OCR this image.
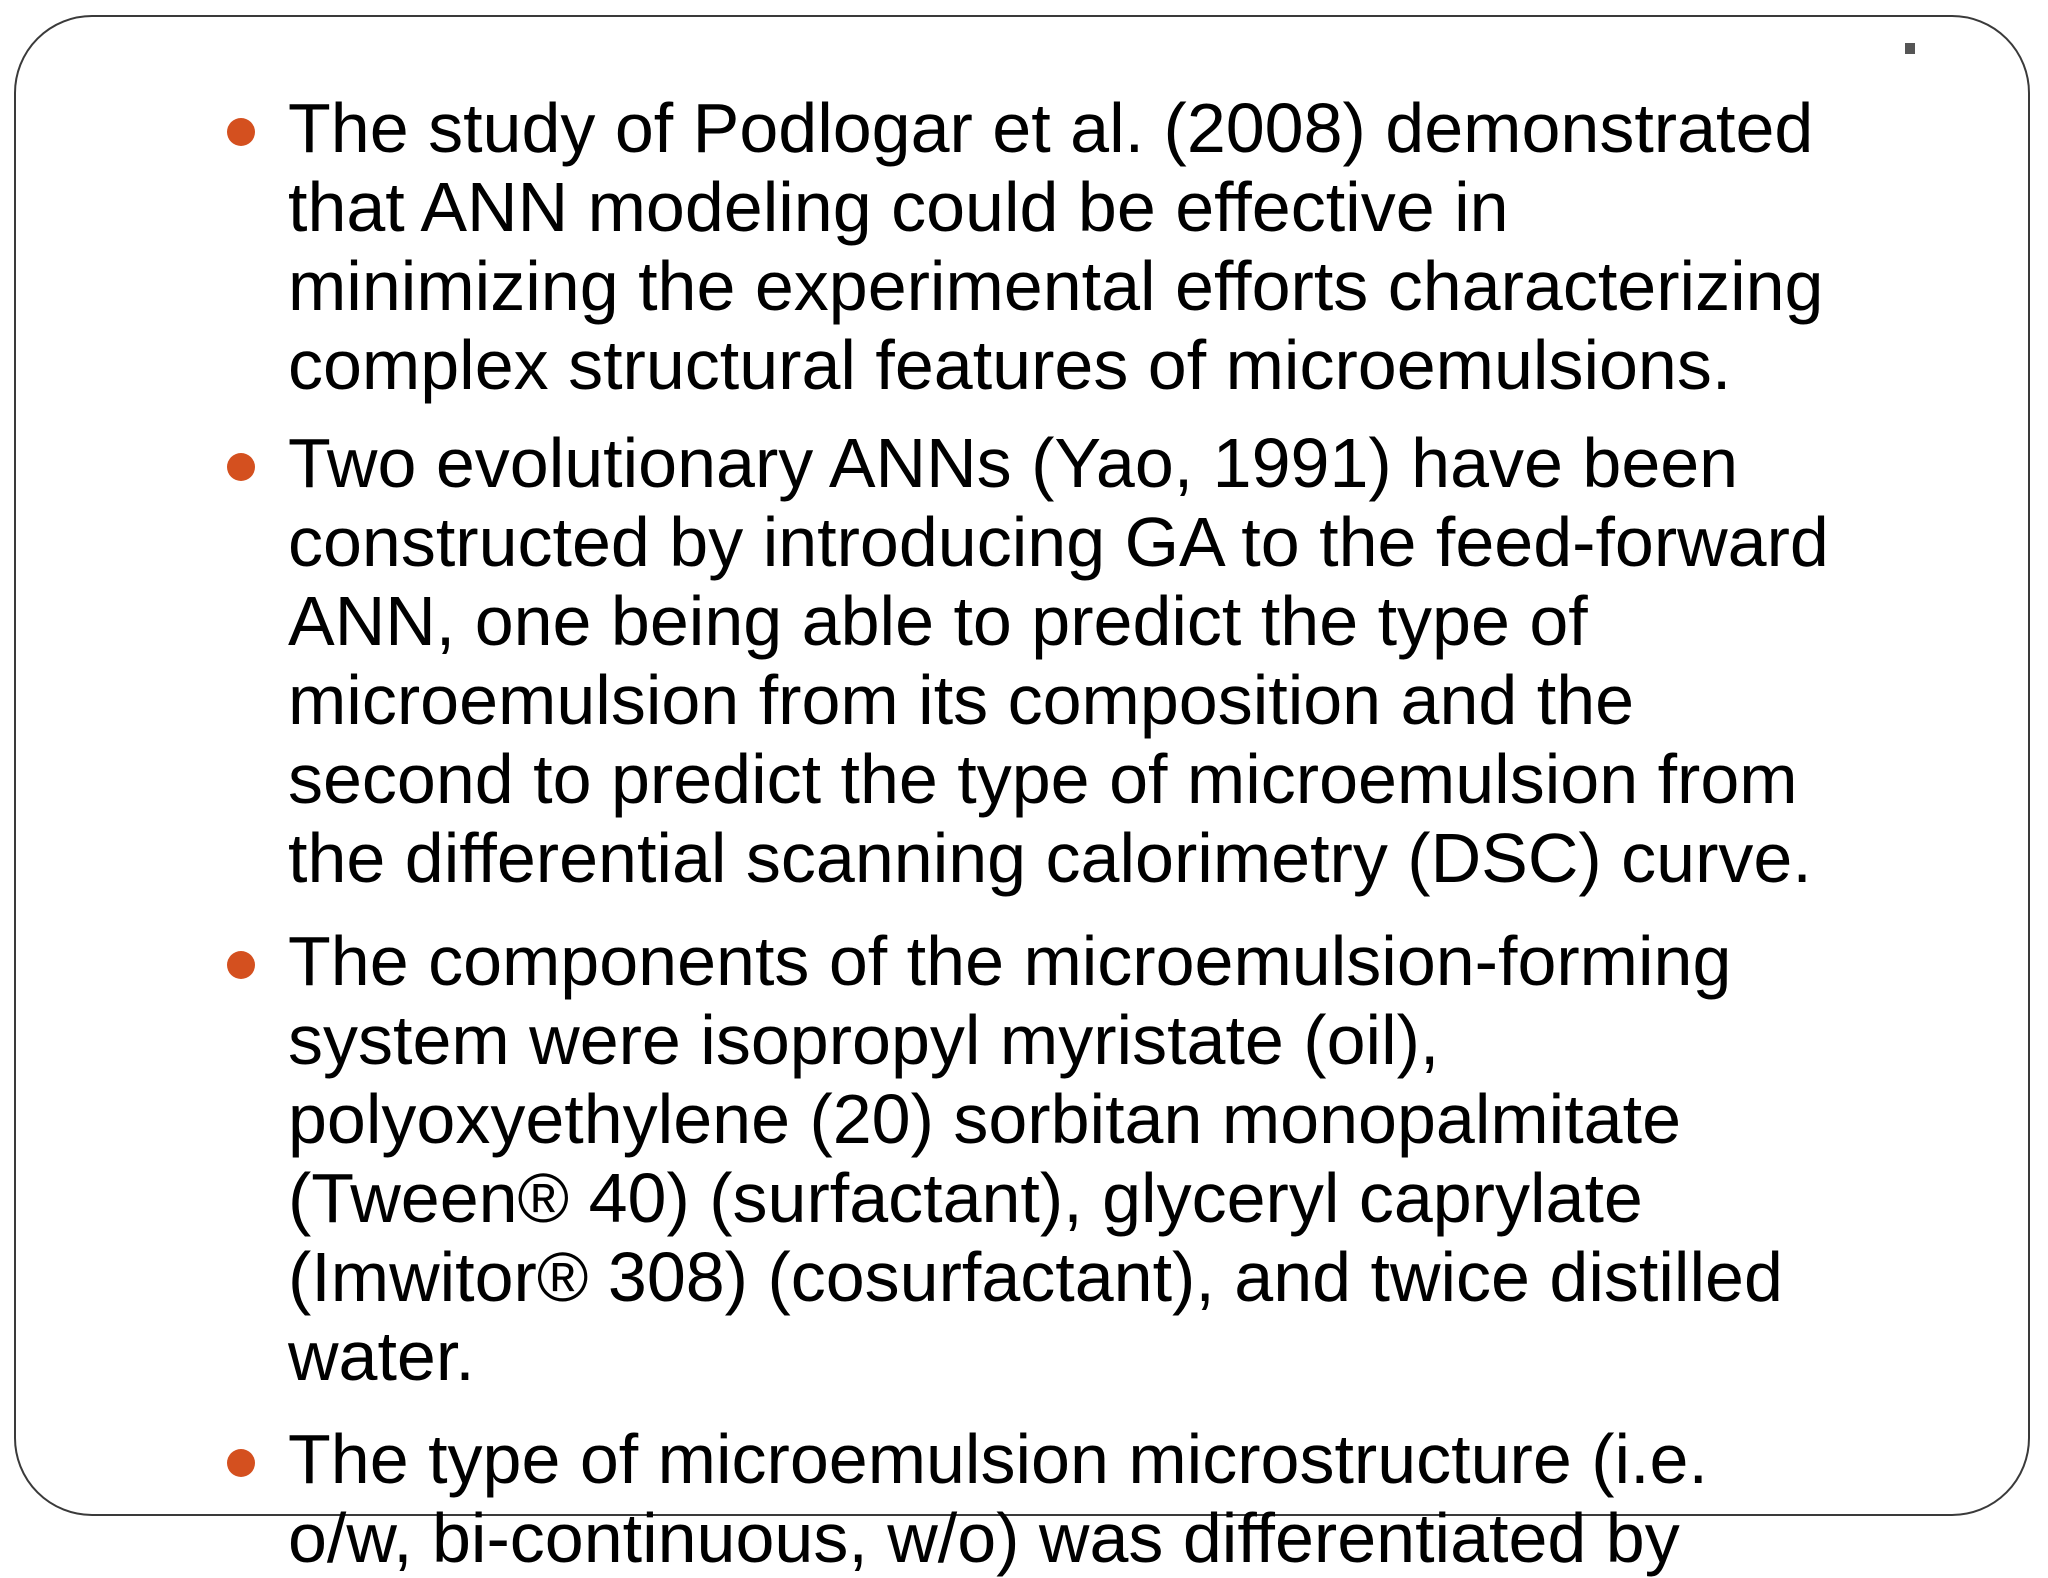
The study of Podlogar et al. (2008) demonstrated

that ANN modeling could be effective in

minimizing the experimental efforts characterizing

complex structural features of microemulsions.

Two evolutionary ANNs (Yao, 1991) have been

constructed by introducing GA to the feed-forward

ANN, one being able to predict the type of

microemulsion from its composition and the

second to predict the type of microemulsion from

the differential scanning calorimetry (DSC) curve.

The components of the microemulsion-forming

system were isopropyl myristate (oil),

polyoxyethylene (20) sorbitan monopalmitate

(Tween® 40) (surfactant), glyceryl caprylate

(Imwitor® 308) (cosurfactant), and twice distilled

water.

The type of microemulsion microstructure (i.e.

o/w, bi-continuous, w/o) was differentiated by
